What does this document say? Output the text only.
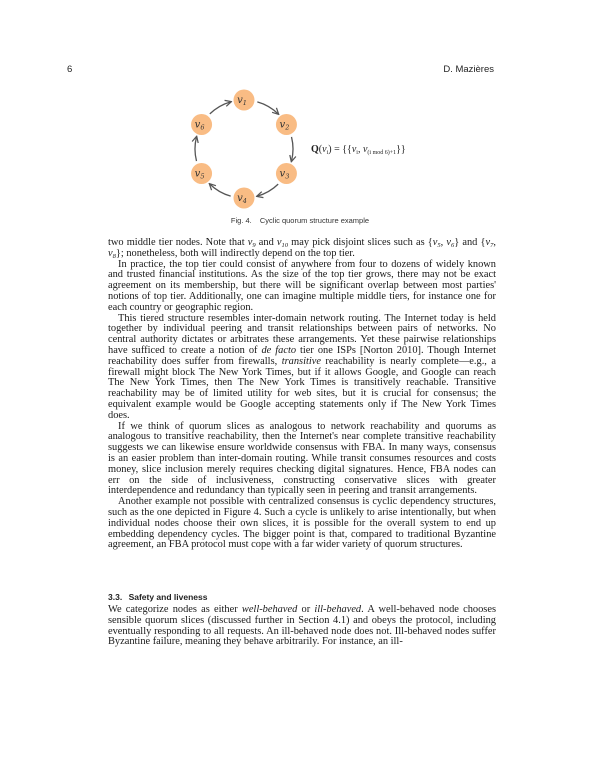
6	D. Mazières
$v_1$
$v_2$
$v_3$
$v_4$
$v_5$
$v_6$
$Q(v_i) = \{\{v_i$, $v_{(i mod 6)+1}$}}
Fig. 4. Cyclic quorum structure example

two middle tier nodes. Note that $v_9$ and $v_{10}$ may pick disjoint slices such as {$v_5$, $v_6$} and {$v_7$, $v_8$}; nonetheless, both will indirectly depend on the top tier.

In practice, the top tier could consist of anywhere from four to dozens of widely known and trusted financial institutions. As the size of the top tier grows, there may not be exact agreement on its membership, but there will be significant overlap between most parties' notions of top tier. Additionally, one can imagine multiple middle tiers, for instance one for each country or geographic region.

This tiered structure resembles inter-domain network routing. The Internet today is held together by individual peering and transit relationships between pairs of networks. No central authority dictates or arbitrates these arrangements. Yet these pairwise relationships have sufficed to create a notion of de facto tier one ISPs [Norton 2010]. Though Internet reachability does suffer from firewalls, transitive reachability is nearly complete—e.g., a firewall might block The New York Times, but if it allows Google, and Google can reach The New York Times, then The New York Times is transitively reachable. Transitive reachability may be of limited utility for web sites, but it is crucial for consensus; the equivalent example would be Google accepting statements only if The New York Times does.

If we think of quorum slices as analogous to network reachability and quorums as analogous to transitive reachability, then the Internet's near complete transitive reachability suggests we can likewise ensure worldwide consensus with FBA. In many ways, consensus is an easier problem than inter-domain routing. While transit consumes resources and costs money, slice inclusion merely requires checking digital signatures. Hence, FBA nodes can err on the side of inclusiveness, constructing conservative slices with greater interdependence and redundancy than typically seen in peering and transit arrangements.

Another example not possible with centralized consensus is cyclic dependency structures, such as the one depicted in Figure 4. Such a cycle is unlikely to arise intentionally, but when individual nodes choose their own slices, it is possible for the overall system to end up embedding dependency cycles. The bigger point is that, compared to traditional Byzantine agreement, an FBA protocol must cope with a far wider variety of quorum structures.

3.3. Safety and liveness

We categorize nodes as either well-behaved or ill-behaved. A well-behaved node chooses sensible quorum slices (discussed further in Section 4.1) and obeys the protocol, including eventually responding to all requests. An ill-behaved node does not. Ill-behaved nodes suffer Byzantine failure, meaning they behave arbitrarily. For instance, an ill-
